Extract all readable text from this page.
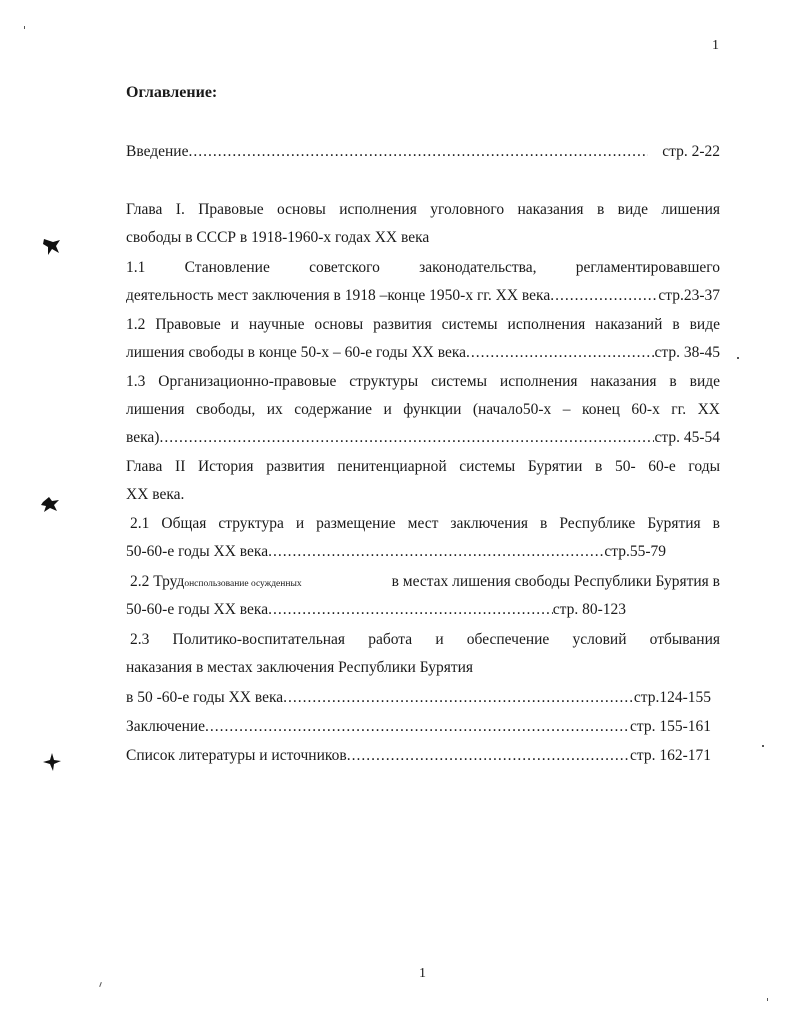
1
Оглавление:
Введение .....	стр. 2-22
Глава I. Правовые основы исполнения уголовного наказания в виде лишения
свободы в СССР в 1918-1960-х годах XX века
1.1 Становление советского законодательства, регламентировавшего
деятельность мест заключения в 1918 –конце 1950-х гг. XX века .....	стр.23-37
1.2 Правовые и научные основы развития системы исполнения наказаний в виде
лишения свободы в конце 50-х – 60-е годы XX века .....	стр. 38-45
1.3 Организационно-правовые структуры системы исполнения наказания в виде
лишения свободы, их содержание и функции (начало50-х – конец 60-х гг. XX
века) .....	стр. 45-54
Глава II История развития пенитенциарной системы Бурятии в 50- 60-е годы
XX века.
2.1 Общая структура и размещение мест заключения в Республике Бурятия в
50-60-е годы XX века .....	стр.55-79
2.2 Трудонспользование осужденных	в местах лишения свободы Республики Бурятия в
50-60-е годы XX века .....	стр. 80-123
2.3 Политико-воспитательная работа и обеспечение условий отбывания
наказания в местах заключения Республики Бурятия
в 50 -60-е годы XX века .....	стр.124-155
Заключение .....	стр. 155-161
Список литературы и источников .....	стр. 162-171
1
